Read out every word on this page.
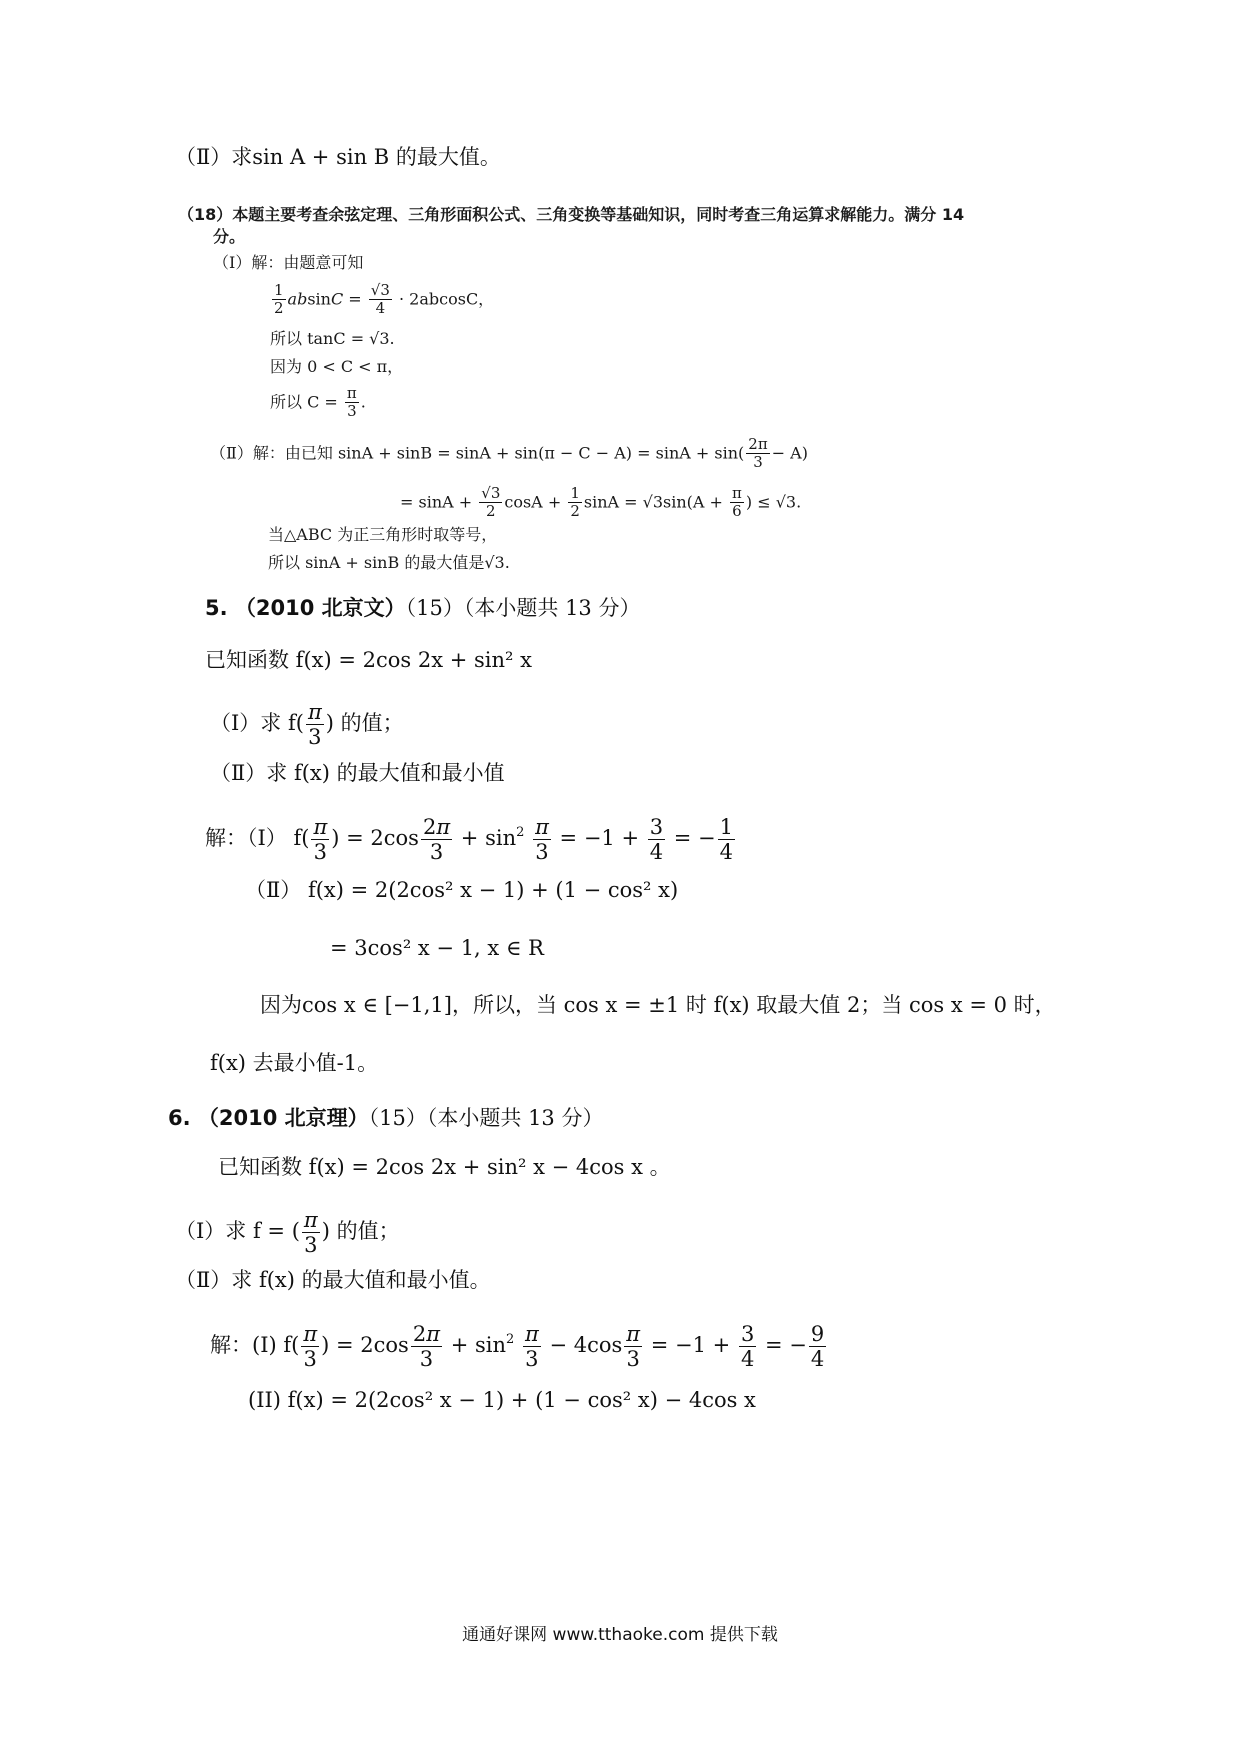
（Ⅱ）求sin A + sin B 的最大值。
（18）本题主要考查余弦定理、三角形面积公式、三角变换等基础知识，同时考查三角运算求解能力。满分 14
分。
（Ⅰ）解：由题意可知
$\frac{1}{2}$ $absinC = \frac{√3}{4} \cdot 2abcosC$，
所以 tanC = √3.
因为 0 < C < π，
所以 $C = \frac{\pi}{3}$ .
（Ⅱ）解：由已知 $\sin A + \sin B = \sin A + \sin(\pi - C - A) = \sin A + \sin( \frac{2\pi}{3} - A)$
= $\sin A + \frac{√3}{2}$ $\cos A + \frac{1}{2}$ $\sin A = √3\sin(A + \frac{\pi}{6}$ ) ≤ √3.
当△ABC 为正三角形时取等号，
所以 sinA + sinB 的最大值是√3.
5. （2010 北京文）（15）（本小题共 13 分）
已知函数 f(x) = 2cos 2x + sin² x
（Ⅰ）求 $f( \frac{\pi}{3}$ ) 的值；
（Ⅱ）求 f(x) 的最大值和最小值
解：（Ⅰ） $f( \frac{\pi}{3}$ ) = $2\cos \frac{2\pi}{3} + \sin^2 \frac{\pi}{3} = -1 + \frac{3}{4}$ = − $\frac{1}{4}$
（Ⅱ） f(x) = 2(2cos² x − 1) + (1 − cos² x)
= 3cos² x − 1, x ∈ R
因为cos x ∈ [−1,1]，所以，当 cos x = ±1 时 f(x) 取最大值 2；当 cos x = 0 时，
f(x) 去最小值-1。
6. （2010 北京理）（15）（本小题共 13 分）
已知函数 f(x) = 2cos 2x + sin² x − 4cos x 。
（Ⅰ）求 f = ( $\frac{\pi}{3}$ ) 的值；
（Ⅱ）求 f(x) 的最大值和最小值。
解：(I) $f( \frac{\pi}{3}$ ) = $2\cos \frac{2\pi}{3} + \sin^2 \frac{\pi}{3} - 4\cos \frac{\pi}{3} = -1 + \frac{3}{4}$ = − $\frac{9}{4}$
(II) f(x) = 2(2cos² x − 1) + (1 − cos² x) − 4cos x
通通好课网 www.tthaoke.com 提供下载
